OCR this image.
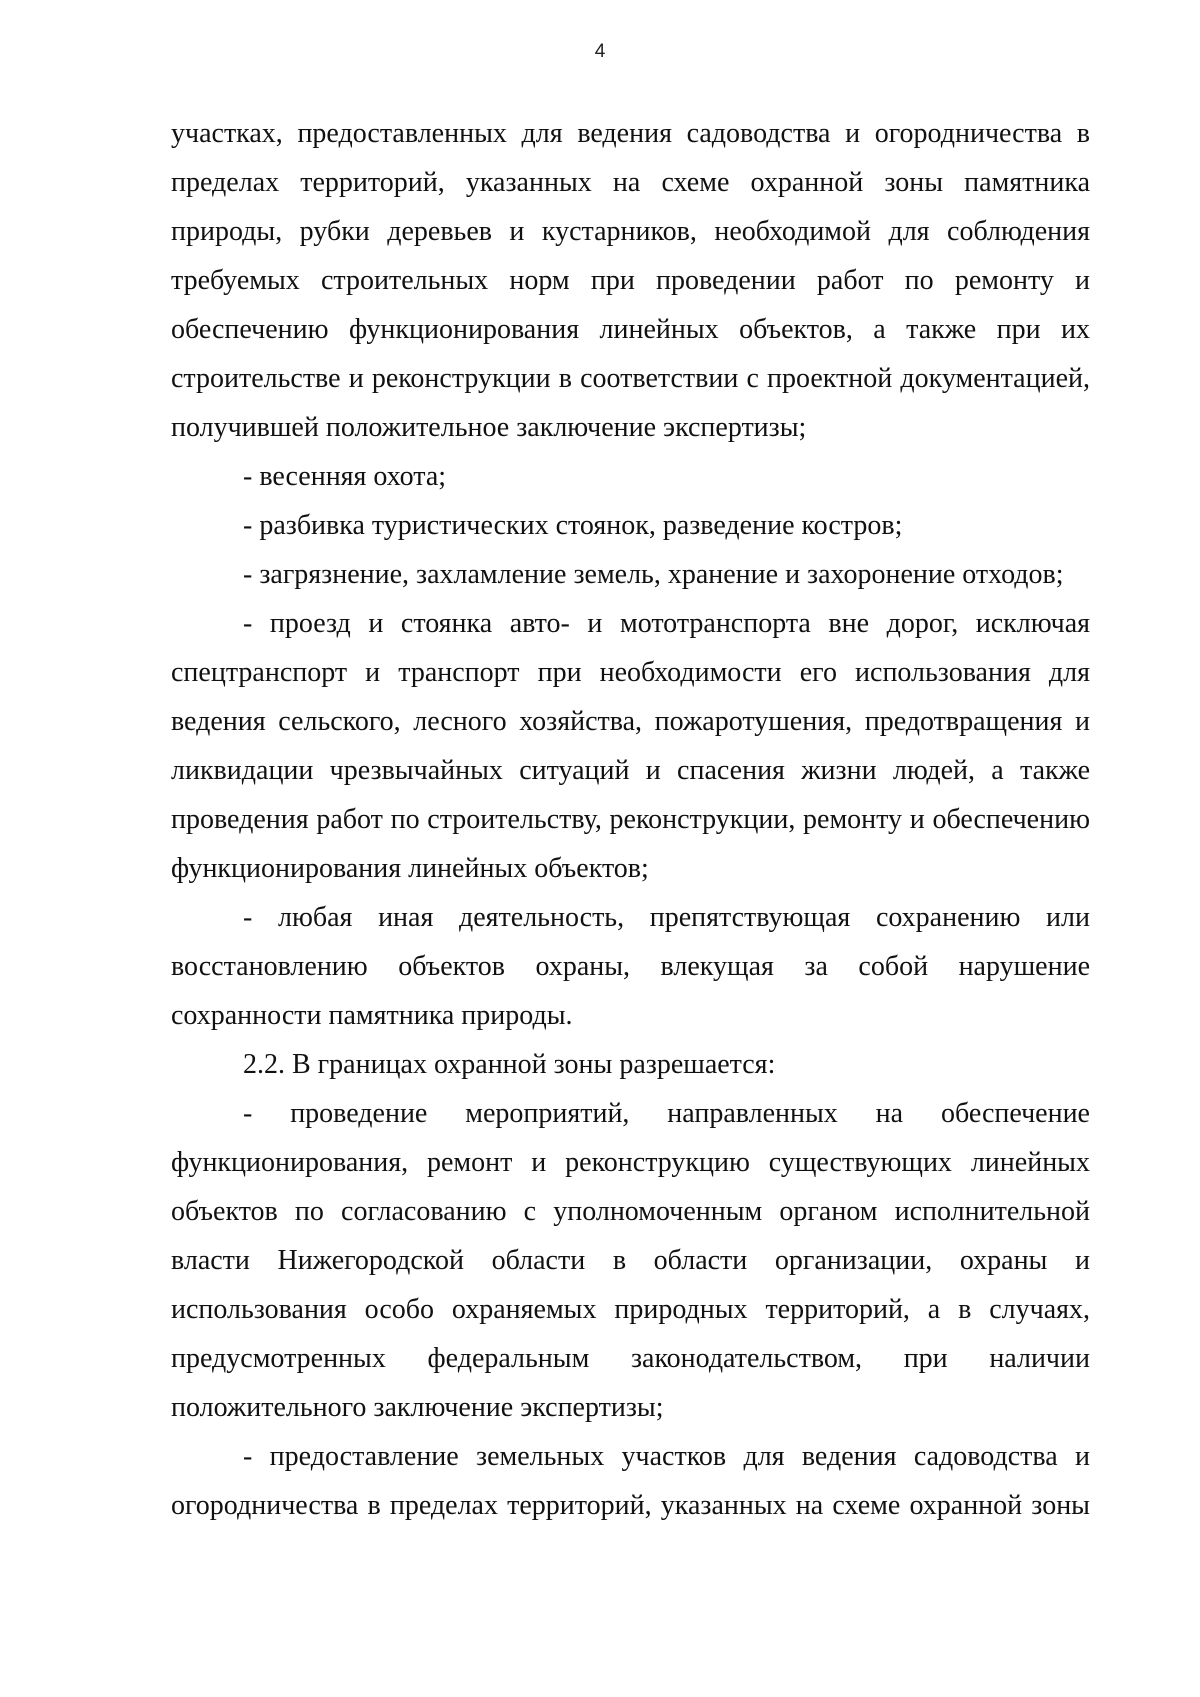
4

участках, предоставленных для ведения садоводства и огородничества в пределах территорий, указанных на схеме охранной зоны памятника природы, рубки деревьев и кустарников, необходимой для соблюдения требуемых строительных норм при проведении работ по ремонту и обеспечению функционирования линейных объектов, а также при их строительстве и реконструкции в соответствии с проектной документацией, получившей положительное заключение экспертизы;

- весенняя охота;

- разбивка туристических стоянок, разведение костров;

- загрязнение, захламление земель, хранение и захоронение отходов;

- проезд и стоянка авто- и мототранспорта вне дорог, исключая спецтранспорт и транспорт при необходимости его использования для ведения сельского, лесного хозяйства, пожаротушения, предотвращения и ликвидации чрезвычайных ситуаций и спасения жизни людей, а также проведения работ по строительству, реконструкции, ремонту и обеспечению функционирования линейных объектов;

- любая иная деятельность, препятствующая сохранению или восстановлению объектов охраны, влекущая за собой нарушение сохранности памятника природы.

2.2. В границах охранной зоны разрешается:

- проведение мероприятий, направленных на обеспечение функционирования, ремонт и реконструкцию существующих линейных объектов по согласованию с уполномоченным органом исполнительной власти Нижегородской области в области организации, охраны и использования особо охраняемых природных территорий, а в случаях, предусмотренных федеральным законодательством, при наличии положительного заключение экспертизы;

- предоставление земельных участков для ведения садоводства и огородничества в пределах территорий, указанных на схеме охранной зоны
